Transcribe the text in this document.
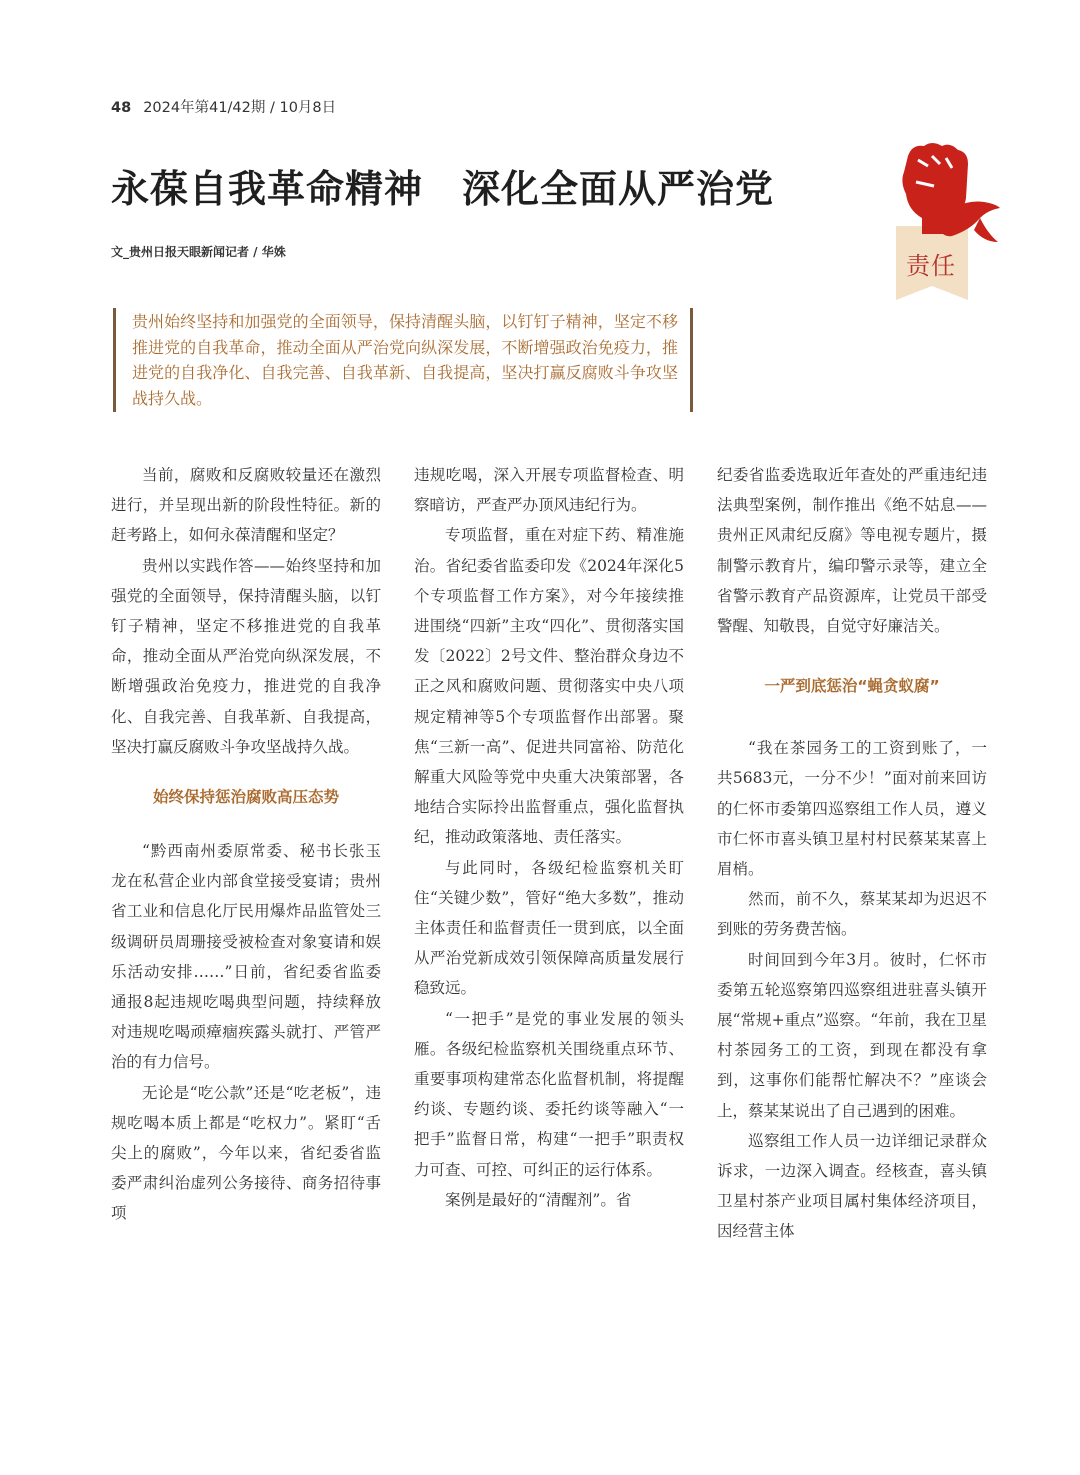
48 2024年第41/42期 / 10月8日
永葆自我革命精神　深化全面从严治党
文_贵州日报天眼新闻记者 / 华姝	责任
贵州始终坚持和加强党的全面领导，保持清醒头脑，以钉钉子精神，坚定不移推进党的自我革命，推动全面从严治党向纵深发展，不断增强政治免疫力，推进党的自我净化、自我完善、自我革新、自我提高，坚决打赢反腐败斗争攻坚战持久战。

当前，腐败和反腐败较量还在激烈进行，并呈现出新的阶段性特征。新的赶考路上，如何永葆清醒和坚定？

贵州以实践作答——始终坚持和加强党的全面领导，保持清醒头脑，以钉钉子精神，坚定不移推进党的自我革命，推动全面从严治党向纵深发展，不断增强政治免疫力，推进党的自我净化、自我完善、自我革新、自我提高，坚决打赢反腐败斗争攻坚战持久战。

始终保持惩治腐败高压态势

“黔西南州委原常委、秘书长张玉龙在私营企业内部食堂接受宴请；贵州省工业和信息化厅民用爆炸品监管处三级调研员周珊接受被检查对象宴请和娱乐活动安排……”日前，省纪委省监委通报8起违规吃喝典型问题，持续释放对违规吃喝顽瘴痼疾露头就打、严管严治的有力信号。

无论是“吃公款”还是“吃老板”，违规吃喝本质上都是“吃权力”。紧盯“舌尖上的腐败”，今年以来，省纪委省监委严肃纠治虚列公务接待、商务招待事项

违规吃喝，深入开展专项监督检查、明察暗访，严查严办顶风违纪行为。

专项监督，重在对症下药、精准施治。省纪委省监委印发《2024年深化5个专项监督工作方案》，对今年接续推进围绕“四新”主攻“四化”、贯彻落实国发〔2022〕2号文件、整治群众身边不正之风和腐败问题、贯彻落实中央八项规定精神等5个专项监督作出部署。聚焦“三新一高”、促进共同富裕、防范化解重大风险等党中央重大决策部署，各地结合实际拎出监督重点，强化监督执纪，推动政策落地、责任落实。

与此同时，各级纪检监察机关盯住“关键少数”，管好“绝大多数”，推动主体责任和监督责任一贯到底，以全面从严治党新成效引领保障高质量发展行稳致远。

“一把手”是党的事业发展的领头雁。各级纪检监察机关围绕重点环节、重要事项构建常态化监督机制，将提醒约谈、专题约谈、委托约谈等融入“一把手”监督日常，构建“一把手”职责权力可查、可控、可纠正的运行体系。

案例是最好的“清醒剂”。省

纪委省监委选取近年查处的严重违纪违法典型案例，制作推出《绝不姑息——贵州正风肃纪反腐》等电视专题片，摄制警示教育片，编印警示录等，建立全省警示教育产品资源库，让党员干部受警醒、知敬畏，自觉守好廉洁关。

一严到底惩治“蝇贪蚁腐”

“我在茶园务工的工资到账了，一共5683元，一分不少！”面对前来回访的仁怀市委第四巡察组工作人员，遵义市仁怀市喜头镇卫星村村民蔡某某喜上眉梢。

然而，前不久，蔡某某却为迟迟不到账的劳务费苦恼。

时间回到今年3月。彼时，仁怀市委第五轮巡察第四巡察组进驻喜头镇开展“常规+重点”巡察。“年前，我在卫星村茶园务工的工资，到现在都没有拿到，这事你们能帮忙解决不？”座谈会上，蔡某某说出了自己遇到的困难。

巡察组工作人员一边详细记录群众诉求，一边深入调查。经核查，喜头镇卫星村茶产业项目属村集体经济项目，因经营主体
